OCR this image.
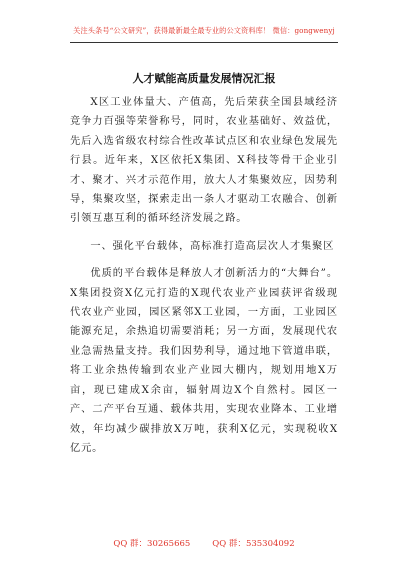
关注头条号“公文研究”，获得最新最全最专业的公文资料库！ 微信：gongwenyj
人才赋能高质量发展情况汇报

X区工业体量大、产值高，先后荣获全国县域经济竞争力百强等荣誉称号，同时，农业基础好、效益优，先后入选省级农村综合性改革试点区和农业绿色发展先行县。近年来，X区依托X集团、X科技等骨干企业引才、聚才、兴才示范作用，放大人才集聚效应，因势利导，集聚攻坚，探索走出一条人才驱动工农融合、创新引领互惠互利的循环经济发展之路。

一、强化平台载体，高标准打造高层次人才集聚区

优质的平台载体是释放人才创新活力的“大舞台”。X集团投资X亿元打造的X现代农业产业园获评省级现代农业产业园，园区紧邻X工业园，一方面，工业园区能源充足，余热追切需要消耗；另一方面，发展现代农业急需热量支持。我们因势利导，通过地下管道串联，将工业余热传输到农业产业园大棚内，规划用地X万亩，现已建成X余亩，辐射周边X个自然村。园区一产、二产平台互通、载体共用，实现农业降本、工业增效，年均减少碳排放X万吨，获利X亿元，实现税收X亿元。

QQ 群：30265665	QQ 群：535304092
